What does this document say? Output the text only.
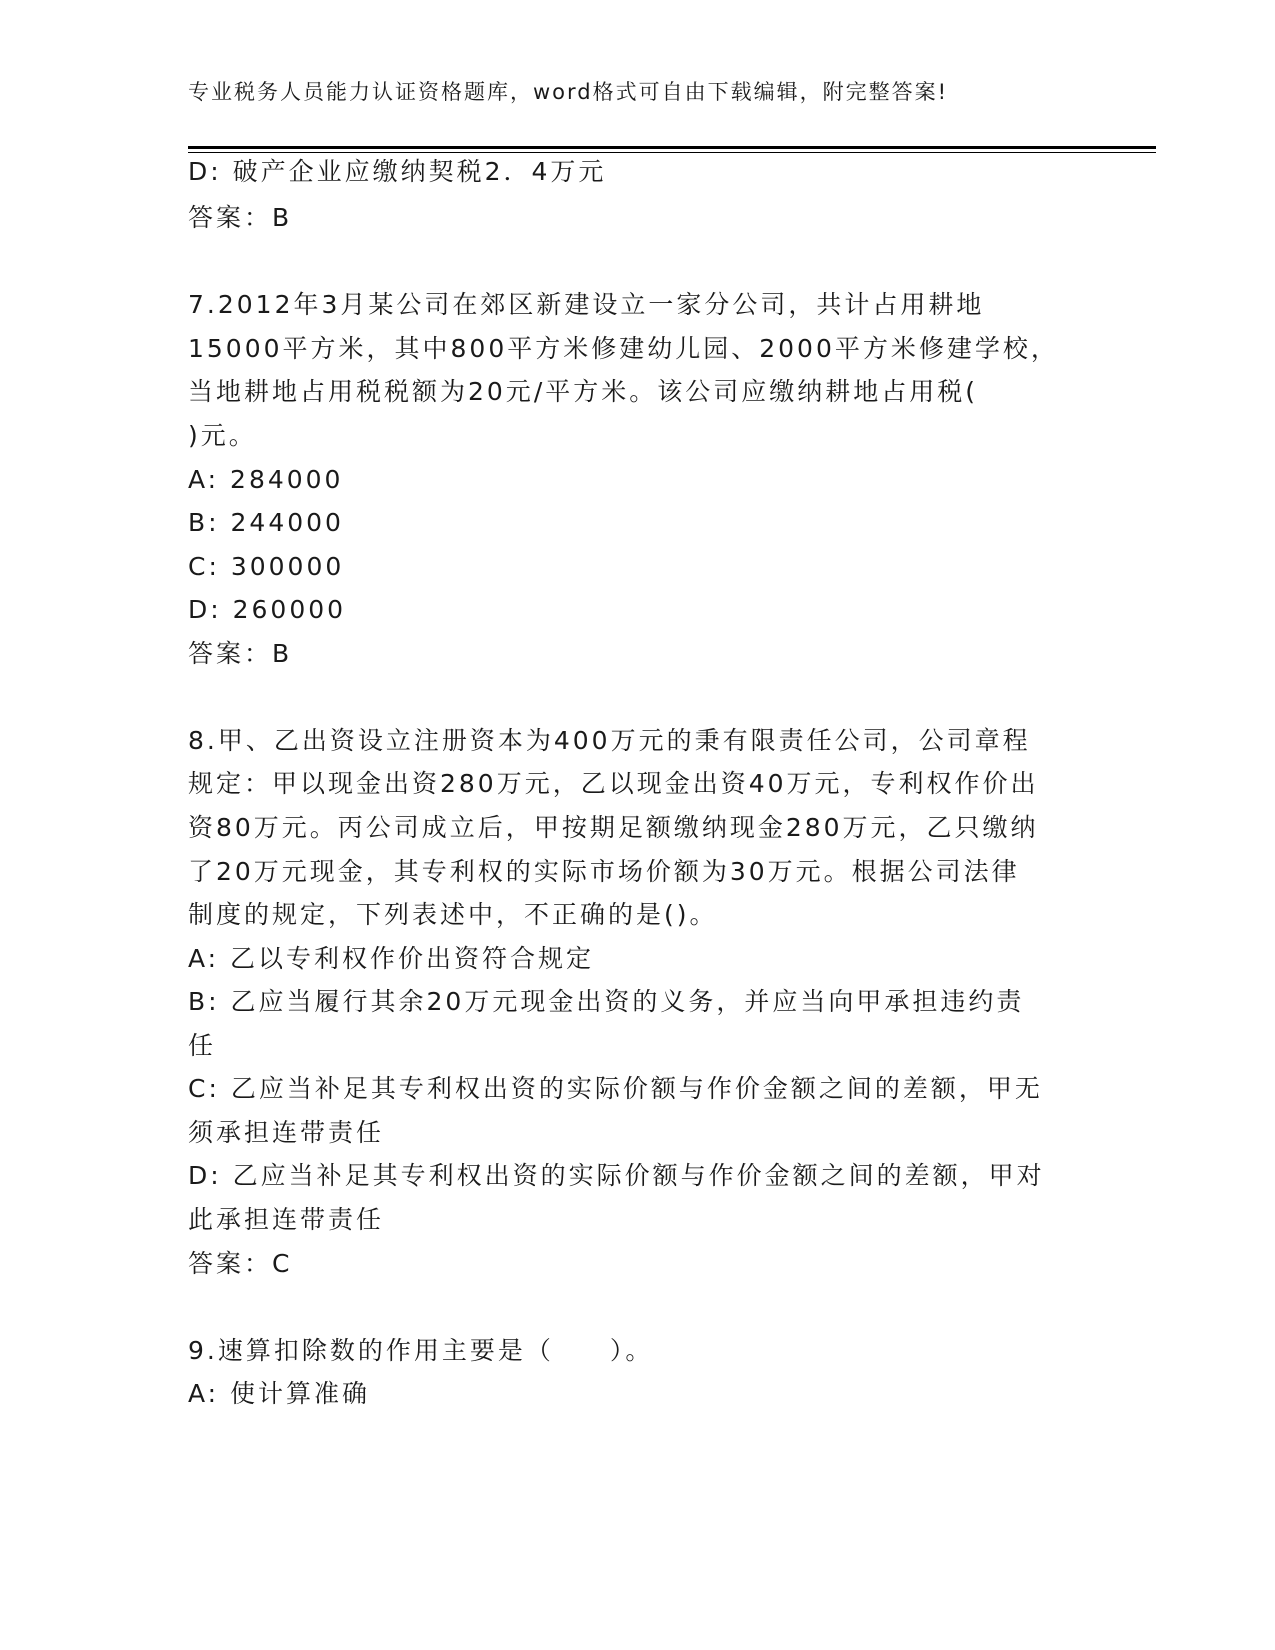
专业税务人员能力认证资格题库，word格式可自由下载编辑，附完整答案!
D: 破产企业应缴纳契税2．4万元
答案：B
7.2012年3月某公司在郊区新建设立一家分公司，共计占用耕地
15000平方米，其中800平方米修建幼儿园、2000平方米修建学校，
当地耕地占用税税额为20元/平方米。该公司应缴纳耕地占用税(
)元。
A: 284000
B: 244000
C: 300000
D: 260000
答案：B
8.甲、乙出资设立注册资本为400万元的秉有限责任公司，公司章程
规定：甲以现金出资280万元，乙以现金出资40万元，专利权作价出
资80万元。丙公司成立后，甲按期足额缴纳现金280万元，乙只缴纳
了20万元现金，其专利权的实际市场价额为30万元。根据公司法律
制度的规定，下列表述中，不正确的是()。
A: 乙以专利权作价出资符合规定
B: 乙应当履行其余20万元现金出资的义务，并应当向甲承担违约责
任
C: 乙应当补足其专利权出资的实际价额与作价金额之间的差额，甲无
须承担连带责任
D: 乙应当补足其专利权出资的实际价额与作价金额之间的差额，甲对
此承担连带责任
答案：C
9.速算扣除数的作用主要是（　　）。
A: 使计算准确
